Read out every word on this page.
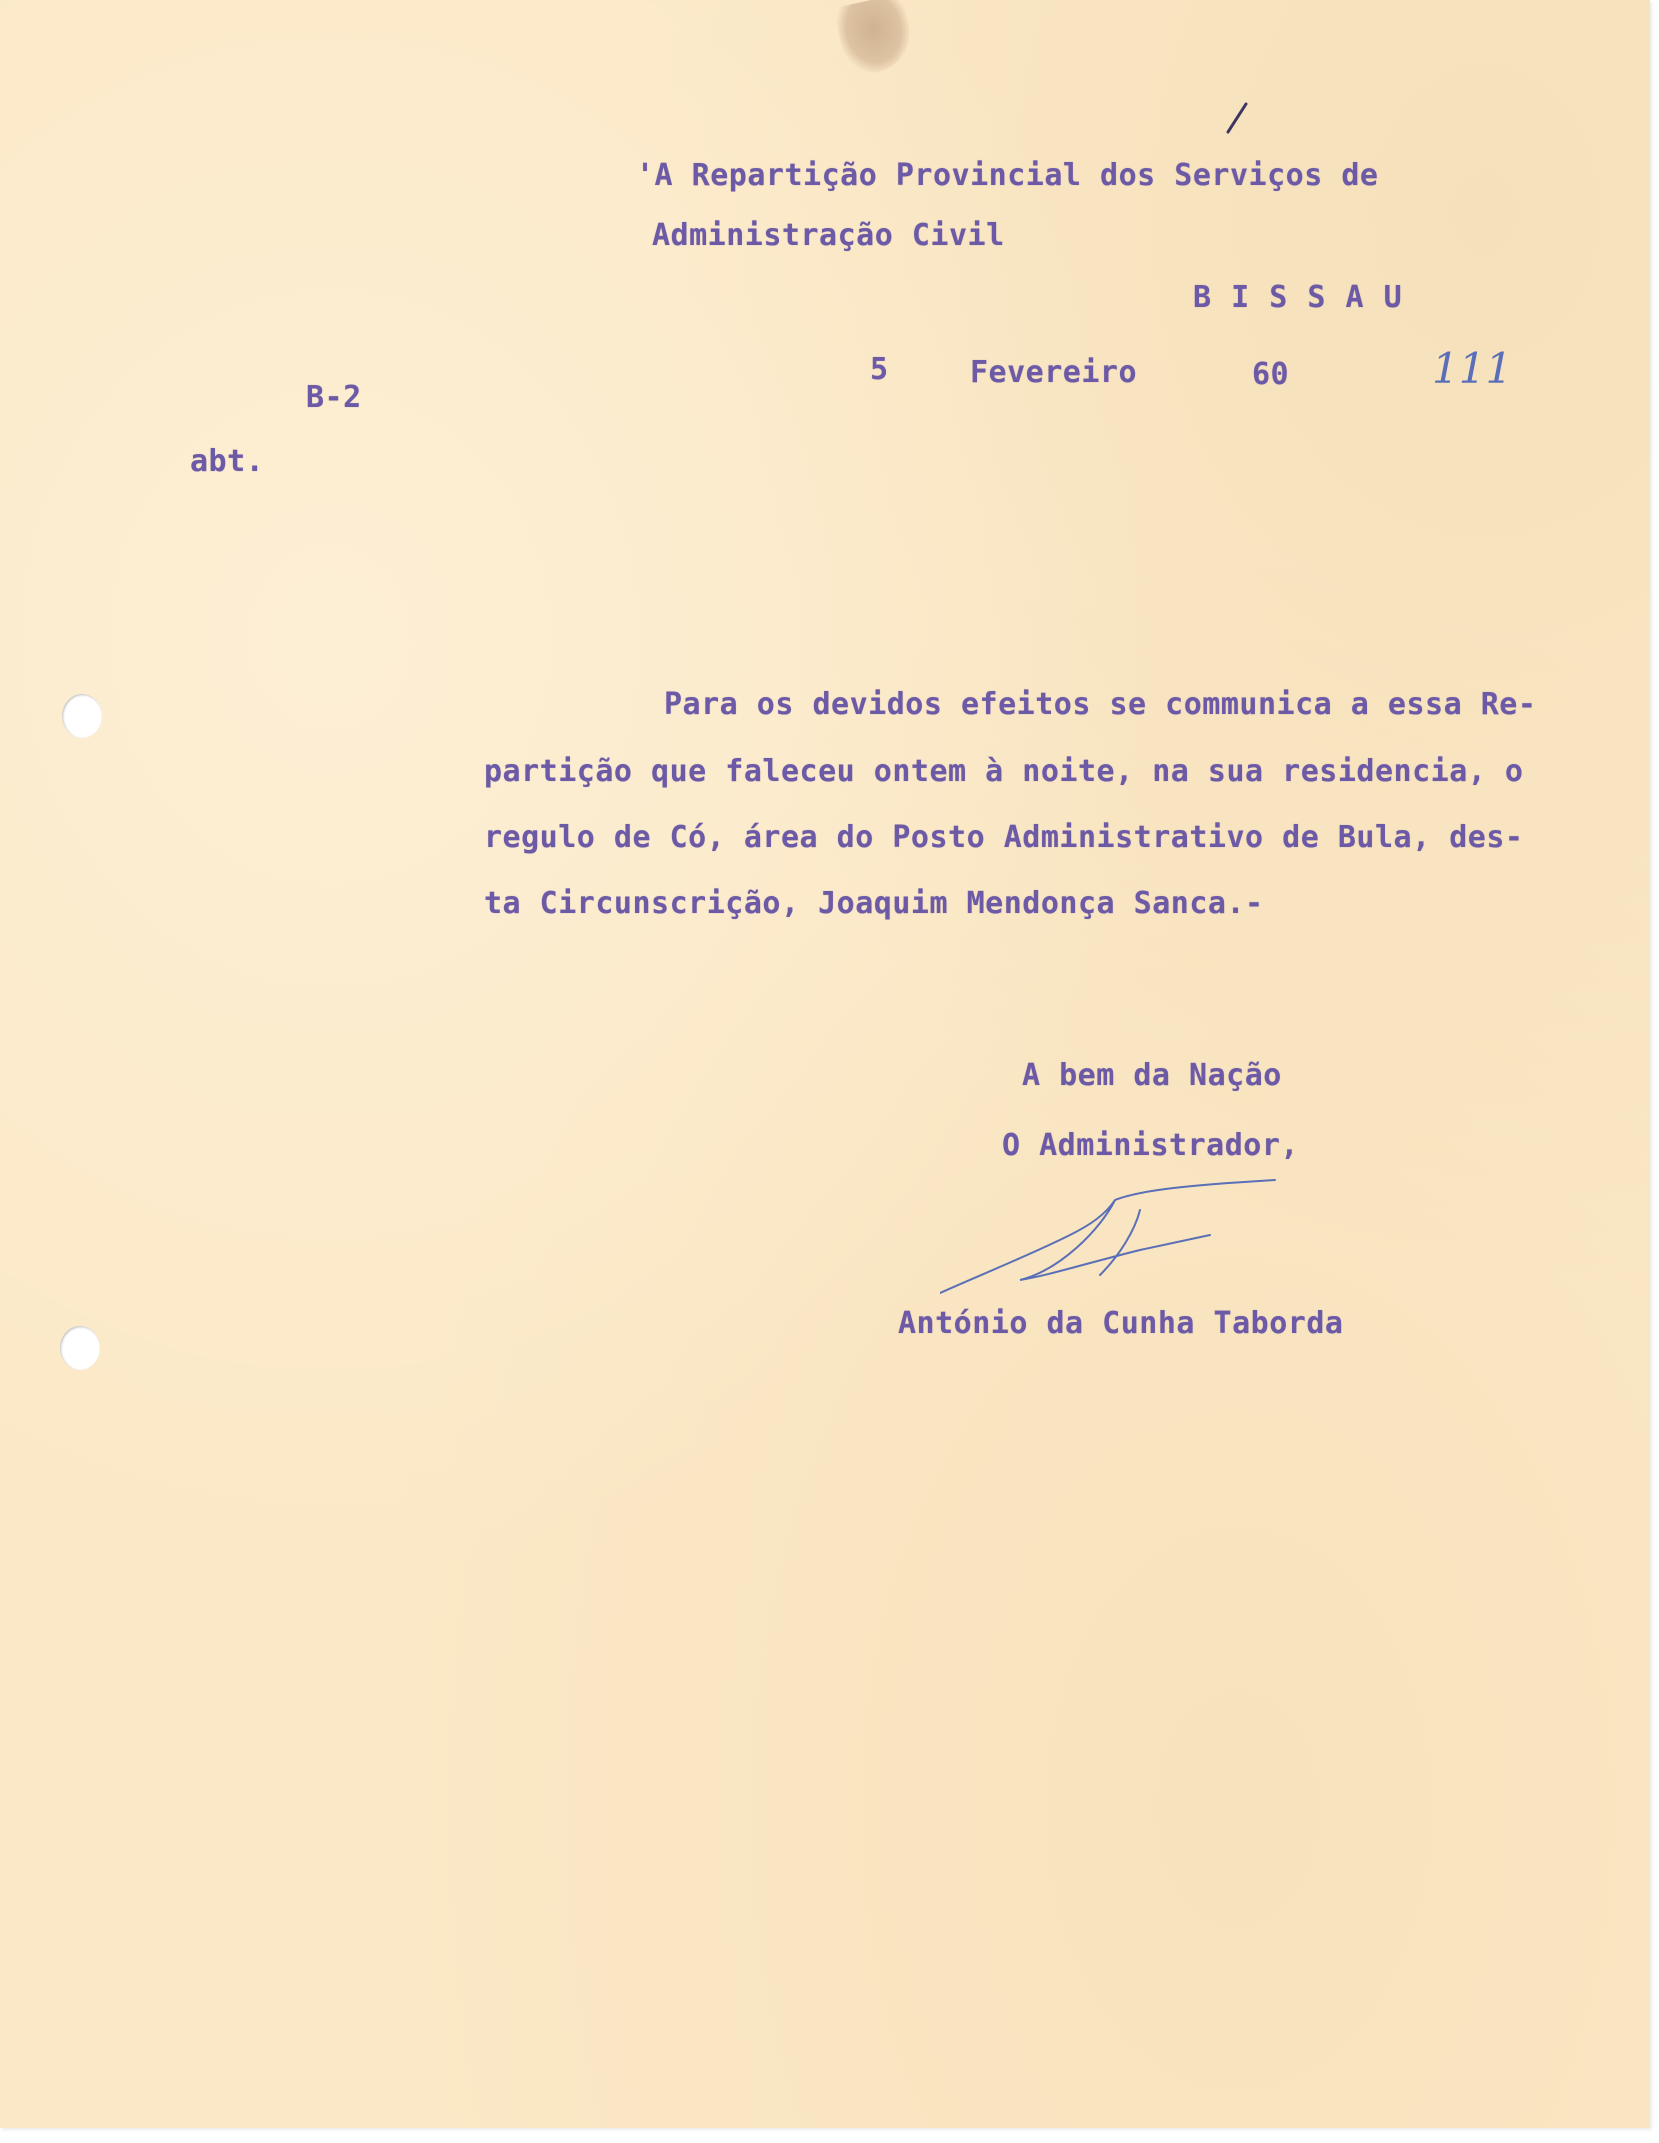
'A Repartição Provincial dos Serviços de
Administração Civil
B I S S A U
5	Fevereiro	60	111
B-2
abt.
Para os devidos efeitos se communica a essa Re-
partição que faleceu ontem à noite, na sua residencia, o
regulo de Có, área do Posto Administrativo de Bula, des-
ta Circunscrição, Joaquim Mendonça Sanca.-
A bem da Nação
O Administrador,
António da Cunha Taborda
